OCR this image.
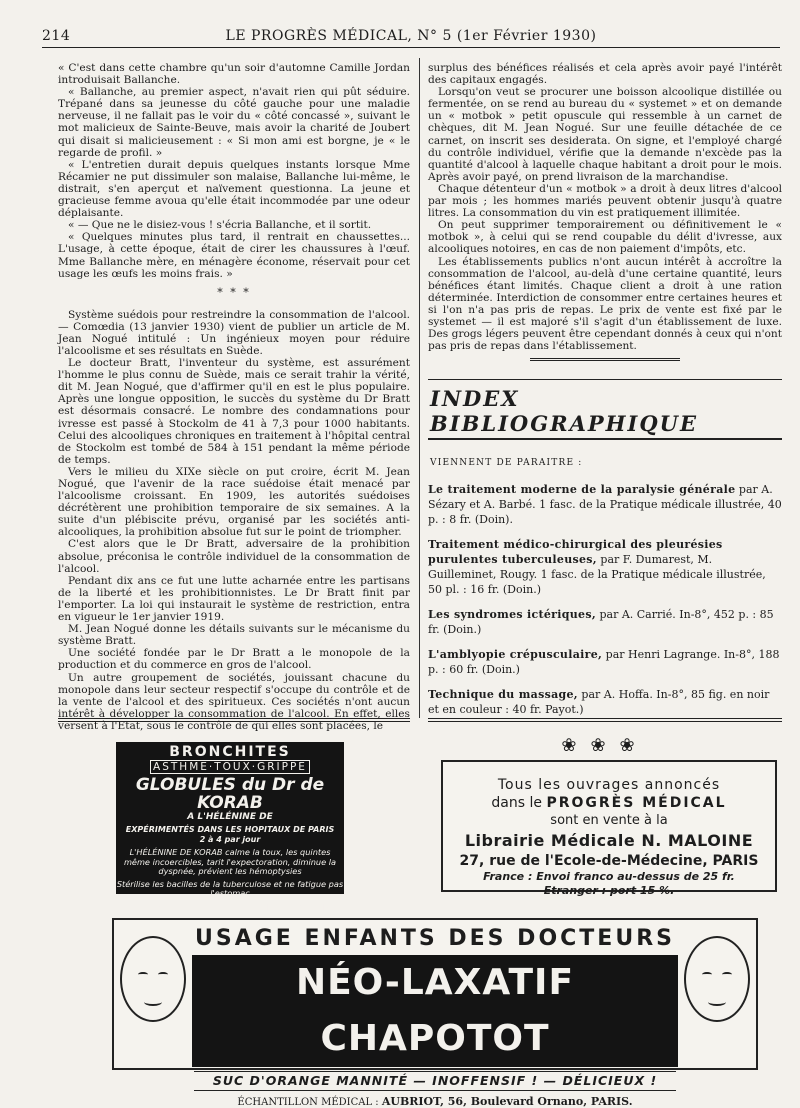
214	LE PROGRÈS MÉDICAL, N° 5 (1er Février 1930)

« C'est dans cette chambre qu'un soir d'automne Camille Jordan introduisait Ballanche.

« Ballanche, au premier aspect, n'avait rien qui pût séduire. Trépané dans sa jeunesse du côté gauche pour une maladie nerveuse, il ne fallait pas le voir du « côté concassé », suivant le mot malicieux de Sainte-Beuve, mais avoir la charité de Joubert qui disait si malicieusement : « Si mon ami est borgne, je « le regarde de profil. »

« L'entretien durait depuis quelques instants lorsque Mme Récamier ne put dissimuler son malaise, Ballanche lui-même, le distrait, s'en aperçut et naïvement questionna. La jeune et gracieuse femme avoua qu'elle était incommodée par une odeur déplaisante.

« — Que ne le disiez-vous ! s'écria Ballanche, et il sortit.

« Quelques minutes plus tard, il rentrait en chaussettes... L'usage, à cette époque, était de cirer les chaussures à l'œuf. Mme Ballanche mère, en ménagère économe, réservait pour cet usage les œufs les moins frais. »

* * *

Système suédois pour restreindre la consommation de l'alcool. — Comœdia (13 janvier 1930) vient de publier un article de M. Jean Nogué intitulé : Un ingénieux moyen pour réduire l'alcoolisme et ses résultats en Suède.

Le docteur Bratt, l'inventeur du système, est assurément l'homme le plus connu de Suède, mais ce serait trahir la vérité, dit M. Jean Nogué, que d'affirmer qu'il en est le plus populaire. Après une longue opposition, le succès du système du Dr Bratt est désormais consacré. Le nombre des condamnations pour ivresse est passé à Stockolm de 41 à 7,3 pour 1000 habitants. Celui des alcooliques chroniques en traitement à l'hôpital central de Stockolm est tombé de 584 à 151 pendant la même période de temps.

Vers le milieu du XIXe siècle on put croire, écrit M. Jean Nogué, que l'avenir de la race suédoise était menacé par l'alcoolisme croissant. En 1909, les autorités suédoises décrétèrent une prohibition temporaire de six semaines. A la suite d'un plébiscite prévu, organisé par les sociétés anti-alcooliques, la prohibition absolue fut sur le point de triompher.

C'est alors que le Dr Bratt, adversaire de la prohibition absolue, préconisa le contrôle individuel de la consommation de l'alcool.

Pendant dix ans ce fut une lutte acharnée entre les partisans de la liberté et les prohibitionnistes. Le Dr Bratt finit par l'emporter. La loi qui instaurait le système de restriction, entra en vigueur le 1er janvier 1919.

M. Jean Nogué donne les détails suivants sur le mécanisme du système Bratt.

Une société fondée par le Dr Bratt a le monopole de la production et du commerce en gros de l'alcool.

Un autre groupement de sociétés, jouissant chacune du monopole dans leur secteur respectif s'occupe du contrôle et de la vente de l'alcool et des spiritueux. Ces sociétés n'ont aucun intérêt à développer la consommation de l'alcool. En effet, elles versent à l'Etat, sous le contrôle de qui elles sont placées, le

surplus des bénéfices réalisés et cela après avoir payé l'intérêt des capitaux engagés.

Lorsqu'on veut se procurer une boisson alcoolique distillée ou fermentée, on se rend au bureau du « systemet » et on demande un « motbok » petit opuscule qui ressemble à un carnet de chèques, dit M. Jean Nogué. Sur une feuille détachée de ce carnet, on inscrit ses desiderata. On signe, et l'employé chargé du contrôle individuel, vérifie que la demande n'excède pas la quantité d'alcool à laquelle chaque habitant a droit pour le mois. Après avoir payé, on prend livraison de la marchandise.

Chaque détenteur d'un « motbok » a droit à deux litres d'alcool par mois ; les hommes mariés peuvent obtenir jusqu'à quatre litres. La consommation du vin est pratiquement illimitée.

On peut supprimer temporairement ou définitivement le « motbok », à celui qui se rend coupable du délit d'ivresse, aux alcooliques notoires, en cas de non paiement d'impôts, etc.

Les établissements publics n'ont aucun intérêt à accroître la consommation de l'alcool, au-delà d'une certaine quantité, leurs bénéfices étant limités. Chaque client a droit à une ration déterminée. Interdiction de consommer entre certaines heures et si l'on n'a pas pris de repas. Le prix de vente est fixé par le systemet — il est majoré s'il s'agit d'un établissement de luxe. Des grogs légers peuvent être cependant donnés à ceux qui n'ont pas pris de repas dans l'établissement.

INDEX BIBLIOGRAPHIQUE
VIENNENT DE PARAITRE :
Le traitement moderne de la paralysie générale par A. Sézary et A. Barbé. 1 fasc. de la Pratique médicale illustrée, 40 p. : 8 fr. (Doin).
Traitement médico-chirurgical des pleurésies purulentes tuberculeuses, par F. Dumarest, M. Guilleminet, Rougy. 1 fasc. de la Pratique médicale illustrée, 50 pl. : 16 fr. (Doin.)
Les syndromes ictériques, par A. Carrié. In-8°, 452 p. : 85 fr. (Doin.)
L'amblyopie crépusculaire, par Henri Lagrange. In-8°, 188 p. : 60 fr. (Doin.)
Technique du massage, par A. Hoffa. In-8°, 85 fig. en noir et en couleur : 40 fr. Payot.)
❀❀❀
BRONCHITES
ASTHME·TOUX·GRIPPE
GLOBULES du Dr de KORAB
A L'HÉLÉNINE DE
EXPÉRIMENTÉS DANS LES HOPITAUX DE PARIS
2 à 4 par jour
L'HÉLÉNINE DE KORAB calme la toux, les quintes même incoercibles, tarit l'expectoration, diminue la dyspnée, prévient les hémoptysies
Stérilise les bacilles de la tuberculose et ne fatigue pas l'estomac
CHAPÈS 12 RUE DE L'ISLY PARIS
Tous les ouvrages annoncés
dans le PROGRÈS MÉDICAL
sont en vente à la
Librairie Médicale N. MALOINE
27, rue de l'Ecole-de-Médecine, PARIS
France : Envoi franco au-dessus de 25 fr.
Etranger : port 15 %.
USAGE ENFANTS DES DOCTEURS
NÉO-LAXATIF CHAPOTOT
SUC D'ORANGE MANNITÉ — INOFFENSIF ! — DÉLICIEUX !
ÉCHANTILLON MÉDICAL : AUBRIOT, 56, Boulevard Ornano, PARIS.
